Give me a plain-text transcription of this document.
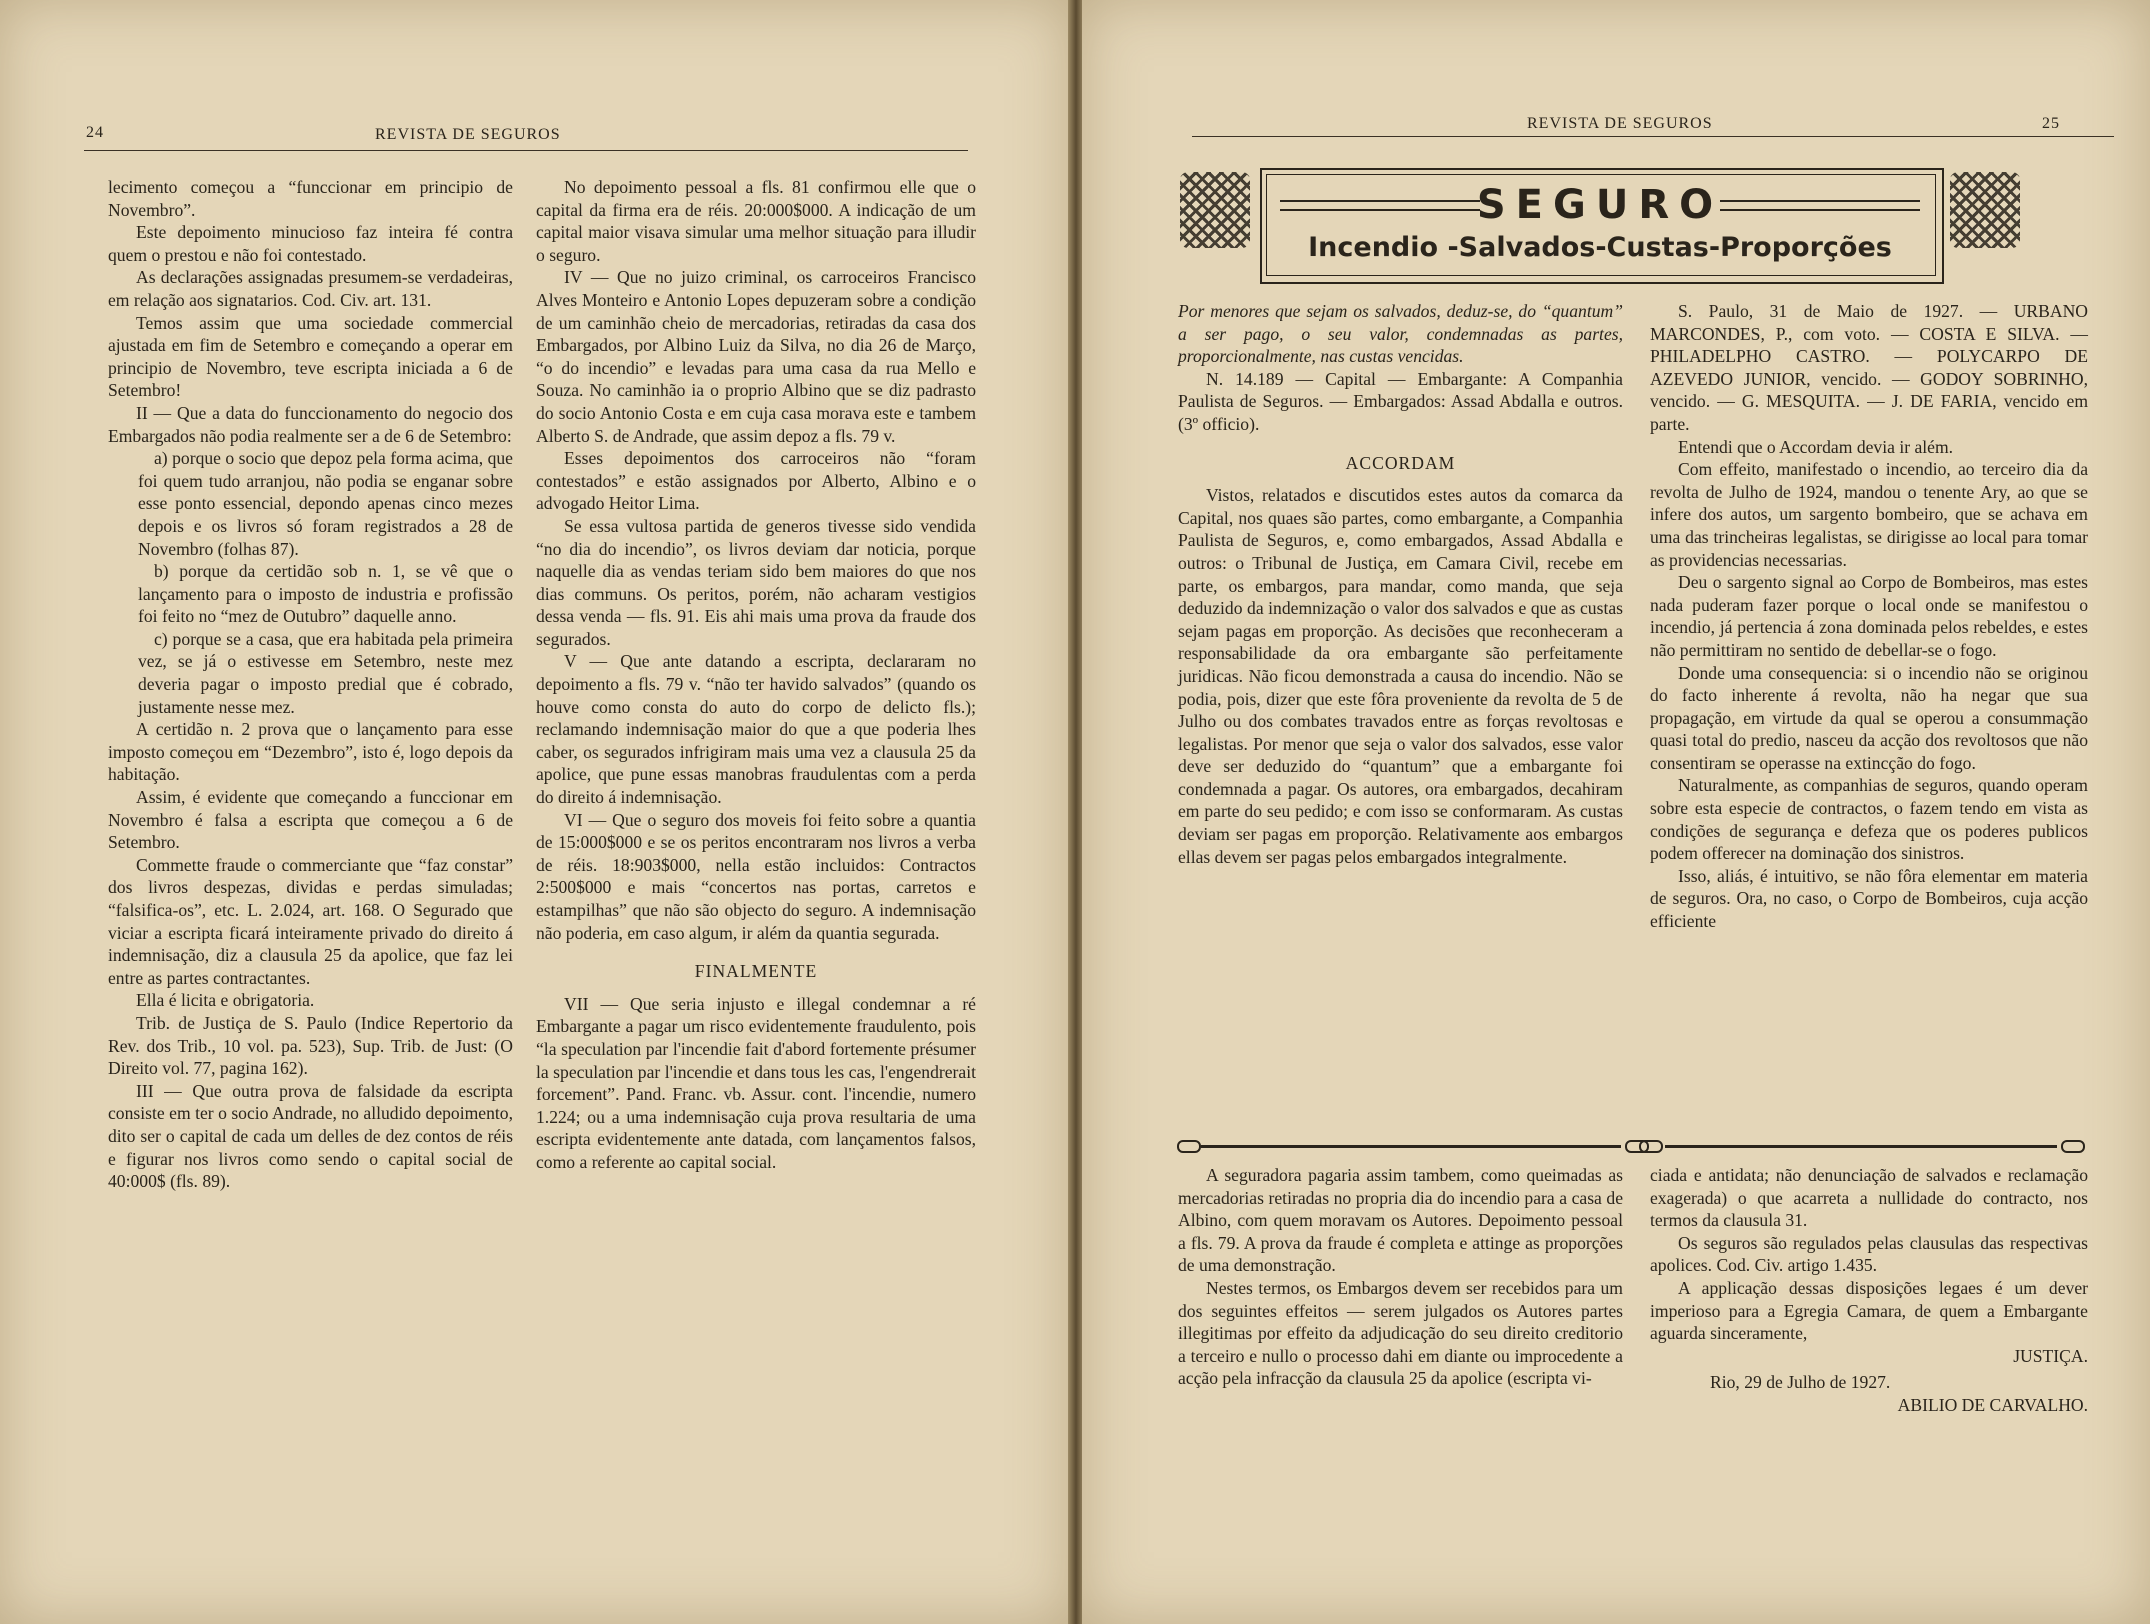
24	REVISTA DE SEGUROS

lecimento começou a “funccionar em principio de Novembro”.

Este depoimento minucioso faz inteira fé contra quem o prestou e não foi contestado.

As declarações assignadas presumem-se verdadeiras, em relação aos signatarios. Cod. Civ. art. 131.

Temos assim que uma sociedade commercial ajustada em fim de Setembro e começando a operar em principio de Novembro, teve escripta iniciada a 6 de Setembro!

II — Que a data do funccionamento do negocio dos Embargados não podia realmente ser a de 6 de Setembro:

a) porque o socio que depoz pela forma acima, que foi quem tudo arranjou, não podia se enganar sobre esse ponto essencial, depondo apenas cinco mezes depois e os livros só foram registrados a 28 de Novembro (folhas 87).

b) porque da certidão sob n. 1, se vê que o lançamento para o imposto de industria e profissão foi feito no “mez de Outubro” daquelle anno.

c) porque se a casa, que era habitada pela primeira vez, se já o estivesse em Setembro, neste mez deveria pagar o imposto predial que é cobrado, justamente nesse mez.

A certidão n. 2 prova que o lançamento para esse imposto começou em “Dezembro”, isto é, logo depois da habitação.

Assim, é evidente que começando a funccionar em Novembro é falsa a escripta que começou a 6 de Setembro.

Commette fraude o commerciante que “faz constar” dos livros despezas, dividas e perdas simuladas; “falsifica-os”, etc. L. 2.024, art. 168. O Segurado que viciar a escripta ficará inteiramente privado do direito á indemnisação, diz a clausula 25 da apolice, que faz lei entre as partes contractantes.

Ella é licita e obrigatoria.

Trib. de Justiça de S. Paulo (Indice Repertorio da Rev. dos Trib., 10 vol. pa. 523), Sup. Trib. de Just: (O Direito vol. 77, pagina 162).

III — Que outra prova de falsidade da escripta consiste em ter o socio Andrade, no alludido depoimento, dito ser o capital de cada um delles de dez contos de réis e figurar nos livros como sendo o capital social de 40:000$ (fls. 89).

No depoimento pessoal a fls. 81 confirmou elle que o capital da firma era de réis. 20:000$000. A indicação de um capital maior visava simular uma melhor situação para illudir o seguro.

IV — Que no juizo criminal, os carroceiros Francisco Alves Monteiro e Antonio Lopes depuzeram sobre a condição de um caminhão cheio de mercadorias, retiradas da casa dos Embargados, por Albino Luiz da Silva, no dia 26 de Março, “o do incendio” e levadas para uma casa da rua Mello e Souza. No caminhão ia o proprio Albino que se diz padrasto do socio Antonio Costa e em cuja casa morava este e tambem Alberto S. de Andrade, que assim depoz a fls. 79 v.

Esses depoimentos dos carroceiros não “foram contestados” e estão assignados por Alberto, Albino e o advogado Heitor Lima.

Se essa vultosa partida de generos tivesse sido vendida “no dia do incendio”, os livros deviam dar noticia, porque naquelle dia as vendas teriam sido bem maiores do que nos dias communs. Os peritos, porém, não acharam vestigios dessa venda — fls. 91. Eis ahi mais uma prova da fraude dos segurados.

V — Que ante datando a escripta, declararam no depoimento a fls. 79 v. “não ter havido salvados” (quando os houve como consta do auto do corpo de delicto fls.); reclamando indemnisação maior do que a que poderia lhes caber, os segurados infrigiram mais uma vez a clausula 25 da apolice, que pune essas manobras fraudulentas com a perda do direito á indemnisação.

VI — Que o seguro dos moveis foi feito sobre a quantia de 15:000$000 e se os peritos encontraram nos livros a verba de réis. 18:903$000, nella estão incluidos: Contractos 2:500$000 e mais “concertos nas portas, carretos e estampilhas” que não são objecto do seguro. A indemnisação não poderia, em caso algum, ir além da quantia segurada.

FINALMENTE

VII — Que seria injusto e illegal condemnar a ré Embargante a pagar um risco evidentemente fraudulento, pois “la speculation par l'incendie fait d'abord fortemente présumer la speculation par l'incendie et dans tous les cas, l'engendrerait forcement”. Pand. Franc. vb. Assur. cont. l'incendie, numero 1.224; ou a uma indemnisação cuja prova resultaria de uma escripta evidentemente ante datada, com lançamentos falsos, como a referente ao capital social.

REVISTA DE SEGUROS	25
SEGURO
Incendio -Salvados-Custas-Proporções

Por menores que sejam os salvados, deduz-se, do “quantum” a ser pago, o seu valor, condemnadas as partes, proporcionalmente, nas custas vencidas.

N. 14.189 — Capital — Embargante: A Companhia Paulista de Seguros. — Embargados: Assad Abdalla e outros. (3º officio).

ACCORDAM

Vistos, relatados e discutidos estes autos da comarca da Capital, nos quaes são partes, como embargante, a Companhia Paulista de Seguros, e, como embargados, Assad Abdalla e outros: o Tribunal de Justiça, em Camara Civil, recebe em parte, os embargos, para mandar, como manda, que seja deduzido da indemnização o valor dos salvados e que as custas sejam pagas em proporção. As decisões que reconheceram a responsabilidade da ora embargante são perfeitamente juridicas. Não ficou demonstrada a causa do incendio. Não se podia, pois, dizer que este fôra proveniente da revolta de 5 de Julho ou dos combates travados entre as forças revoltosas e legalistas. Por menor que seja o valor dos salvados, esse valor deve ser deduzido do “quantum” que a embargante foi condemnada a pagar. Os autores, ora embargados, decahiram em parte do seu pedido; e com isso se conformaram. As custas deviam ser pagas em proporção. Relativamente aos embargos ellas devem ser pagas pelos embargados integralmente.

S. Paulo, 31 de Maio de 1927. — URBANO MARCONDES, P., com voto. — COSTA E SILVA. — PHILADELPHO CASTRO. — POLYCARPO DE AZEVEDO JUNIOR, vencido. — GODOY SOBRINHO, vencido. — G. MESQUITA. — J. DE FARIA, vencido em parte.

Entendi que o Accordam devia ir além.

Com effeito, manifestado o incendio, ao terceiro dia da revolta de Julho de 1924, mandou o tenente Ary, ao que se infere dos autos, um sargento bombeiro, que se achava em uma das trincheiras legalistas, se dirigisse ao local para tomar as providencias necessarias.

Deu o sargento signal ao Corpo de Bombeiros, mas estes nada puderam fazer porque o local onde se manifestou o incendio, já pertencia á zona dominada pelos rebeldes, e estes não permittiram no sentido de debellar-se o fogo.

Donde uma consequencia: si o incendio não se originou do facto inherente á revolta, não ha negar que sua propagação, em virtude da qual se operou a consummação quasi total do predio, nasceu da acção dos revoltosos que não consentiram se operasse na extincção do fogo.

Naturalmente, as companhias de seguros, quando operam sobre esta especie de contractos, o fazem tendo em vista as condições de segurança e defeza que os poderes publicos podem offerecer na dominação dos sinistros.

Isso, aliás, é intuitivo, se não fôra elementar em materia de seguros. Ora, no caso, o Corpo de Bombeiros, cuja acção efficiente

A seguradora pagaria assim tambem, como queimadas as mercadorias retiradas no propria dia do incendio para a casa de Albino, com quem moravam os Autores. Depoimento pessoal a fls. 79. A prova da fraude é completa e attinge as proporções de uma demonstração.

Nestes termos, os Embargos devem ser recebidos para um dos seguintes effeitos — serem julgados os Autores partes illegitimas por effeito da adjudicação do seu direito creditorio a terceiro e nullo o processo dahi em diante ou improcedente a acção pela infracção da clausula 25 da apolice (escripta vi-

ciada e antidata; não denunciação de salvados e reclamação exagerada) o que acarreta a nullidade do contracto, nos termos da clausula 31.

Os seguros são regulados pelas clausulas das respectivas apolices. Cod. Civ. artigo 1.435.

A applicação dessas disposições legaes é um dever imperioso para a Egregia Camara, de quem a Embargante aguarda sinceramente,

JUSTIÇA.

Rio, 29 de Julho de 1927.

ABILIO DE CARVALHO.
